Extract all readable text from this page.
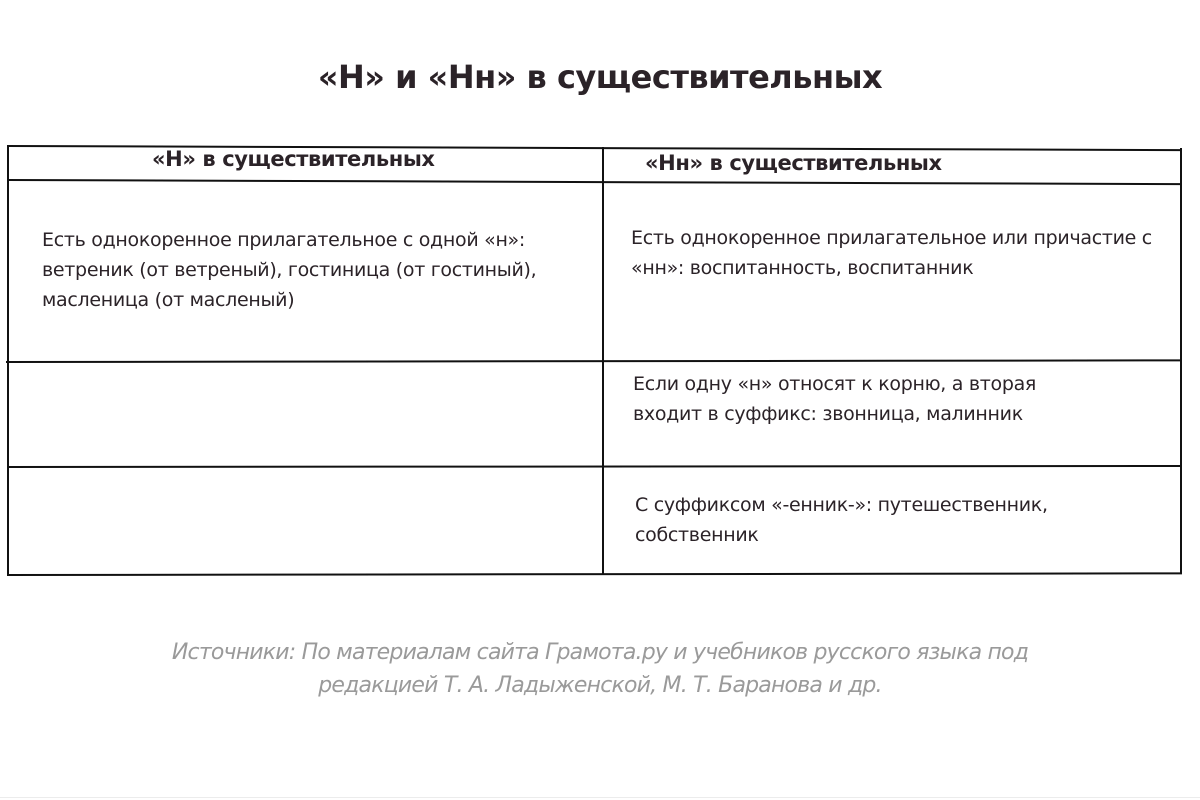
«Н» и «Нн» в существительных
«Н» в существительных	«Нн» в существительных
Есть однокоренное прилагательное с одной «н»: ветреник (от ветреный), гостиница (от гостиный), масленица (от масленый)
Есть однокоренное прилагательное или причастие с «нн»: воспитанность, воспитанник
Если одну «н» относят к корню, а вторая входит в суффикс: звонница, малинник
С суффиксом «-енник-»: путешественник, собственник
Источники: По материалам сайта Грамота.ру и учебников русского языка под
редакцией Т. А. Ладыженской, М. Т. Баранова и др.
